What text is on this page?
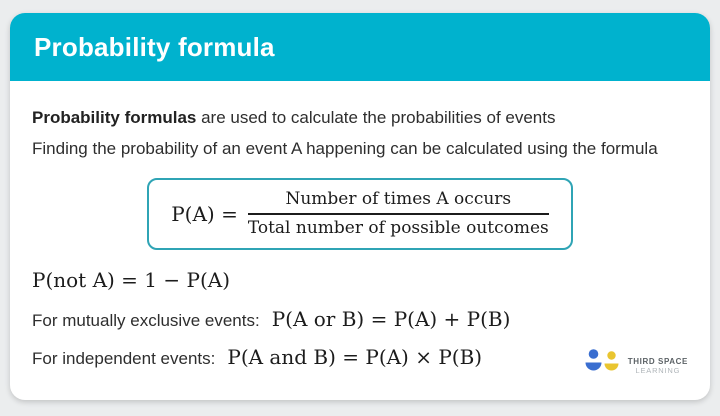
Probability formula

Probability formulas are used to calculate the probabilities of events

Finding the probability of an event A happening can be calculated using the formula

$P(A) = \frac{\text{Number of times A occurs}}{\text{Total number of possible outcomes}}$
P(not A) = 1 − P(A)
For mutually exclusive events: P(A or B) = P(A) + P(B)
For independent events: P(A and B) = P(A) × P(B)	THIRD SPACE
LEARNING
